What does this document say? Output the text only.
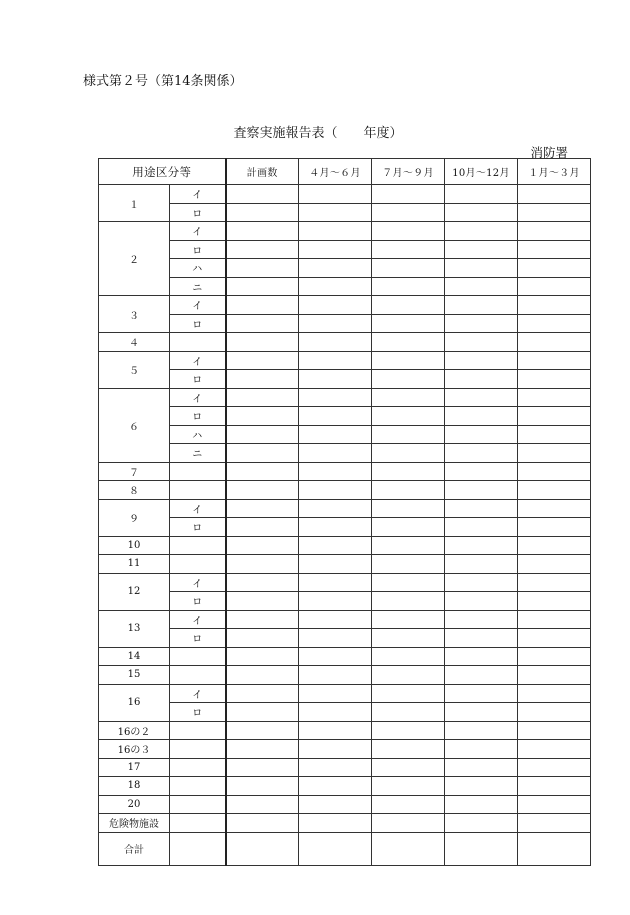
様式第２号（第14条関係）
査察実施報告表（ 年度）
消防署
用途区分等		計画数	４月～６月	７月～９月	10月～12月	１月～３月
１	イ					
	ロ					
２	イ					
	ロ					
	ハ					
	ニ					
３	イ					
	ロ					
４						
５	イ					
	ロ					
６	イ					
	ロ					
	ハ					
	ニ					
７						
８						
９	イ					
	ロ					
10						
11						
12	イ					
	ロ					
13	イ					
	ロ					
14						
15						
16	イ					
	ロ					
16の２						
16の３						
17						
18						
20						
危険物施設						
合計						
